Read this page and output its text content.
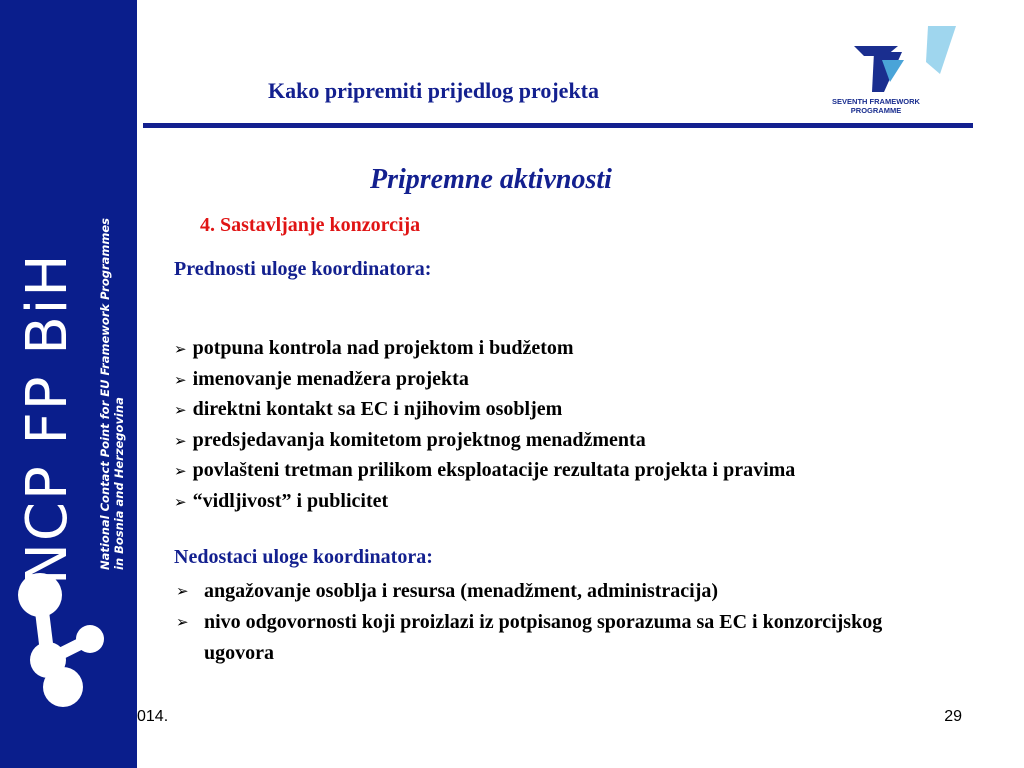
NCP FP BiH National Contact Point for EU Framework Programmes in Bosnia and Herzegovina
Kako pripremiti prijedlog projekta	SEVENTH FRAMEWORK
PROGRAMME
Pripremne aktivnosti
4. Sastavljanje konzorcija
Prednosti uloge koordinatora:
➢ potpuna kontrola nad projektom i budžetom
➢ imenovanje menadžera projekta
➢ direktni kontakt sa EC i njihovim osobljem
➢ predsjedavanja komitetom projektnog menadžmenta
➢ povlašteni tretman prilikom eksploatacije rezultata projekta i pravima
➢ “vidljivost” i publicitet
Nedostaci uloge koordinatora:
➢ angažovanje osoblja i resursa (menadžment, administracija)
➢ nivo odgovornosti koji proizlazi iz potpisanog sporazuma sa EC i konzorcijskog ugovora
014.	29
